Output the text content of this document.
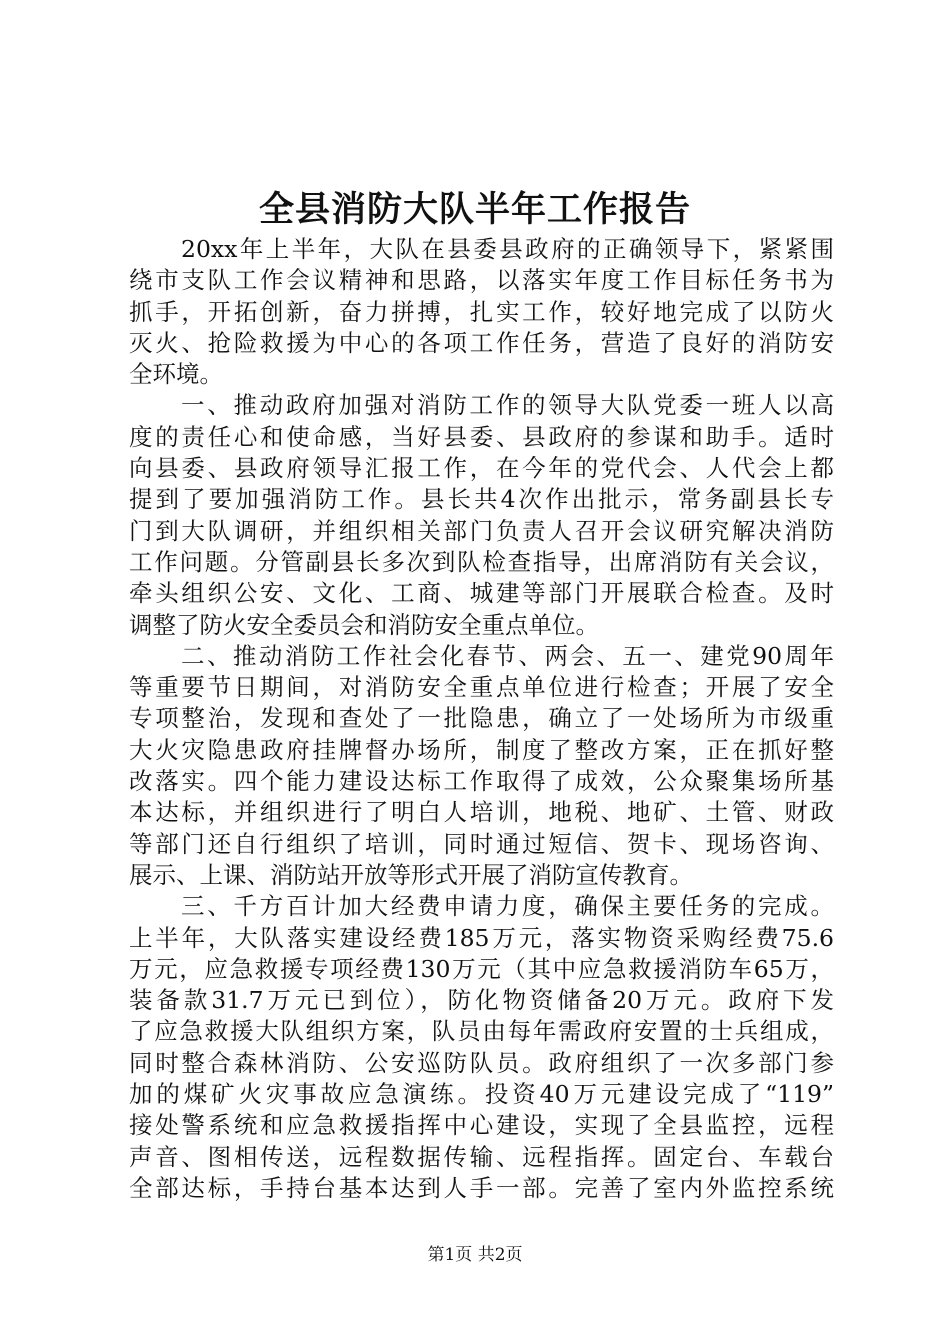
全县消防大队半年工作报告
20xx年上半年，大队在县委县政府的正确领导下，紧紧围
绕市支队工作会议精神和思路，以落实年度工作目标任务书为
抓手，开拓创新，奋力拼搏，扎实工作，较好地完成了以防火
灭火、抢险救援为中心的各项工作任务，营造了良好的消防安
全环境。
一、推动政府加强对消防工作的领导大队党委一班人以高
度的责任心和使命感，当好县委、县政府的参谋和助手。适时
向县委、县政府领导汇报工作，在今年的党代会、人代会上都
提到了要加强消防工作。县长共4次作出批示，常务副县长专
门到大队调研，并组织相关部门负责人召开会议研究解决消防
工作问题。分管副县长多次到队检查指导，出席消防有关会议，
牵头组织公安、文化、工商、城建等部门开展联合检查。及时
调整了防火安全委员会和消防安全重点单位。
二、推动消防工作社会化春节、两会、五一、建党90周年
等重要节日期间，对消防安全重点单位进行检查；开展了安全
专项整治，发现和查处了一批隐患，确立了一处场所为市级重
大火灾隐患政府挂牌督办场所，制度了整改方案，正在抓好整
改落实。四个能力建设达标工作取得了成效，公众聚集场所基
本达标，并组织进行了明白人培训，地税、地矿、土管、财政
等部门还自行组织了培训，同时通过短信、贺卡、现场咨询、
展示、上课、消防站开放等形式开展了消防宣传教育。
三、千方百计加大经费申请力度，确保主要任务的完成。
上半年，大队落实建设经费185万元，落实物资采购经费75.6
万元，应急救援专项经费130万元（其中应急救援消防车65万，
装备款31.7万元已到位），防化物资储备20万元。政府下发
了应急救援大队组织方案，队员由每年需政府安置的士兵组成，
同时整合森林消防、公安巡防队员。政府组织了一次多部门参
加的煤矿火灾事故应急演练。投资40万元建设完成了“119”
接处警系统和应急救援指挥中心建设，实现了全县监控，远程
声音、图相传送，远程数据传输、远程指挥。固定台、车载台
全部达标，手持台基本达到人手一部。完善了室内外监控系统
第1页 共2页
